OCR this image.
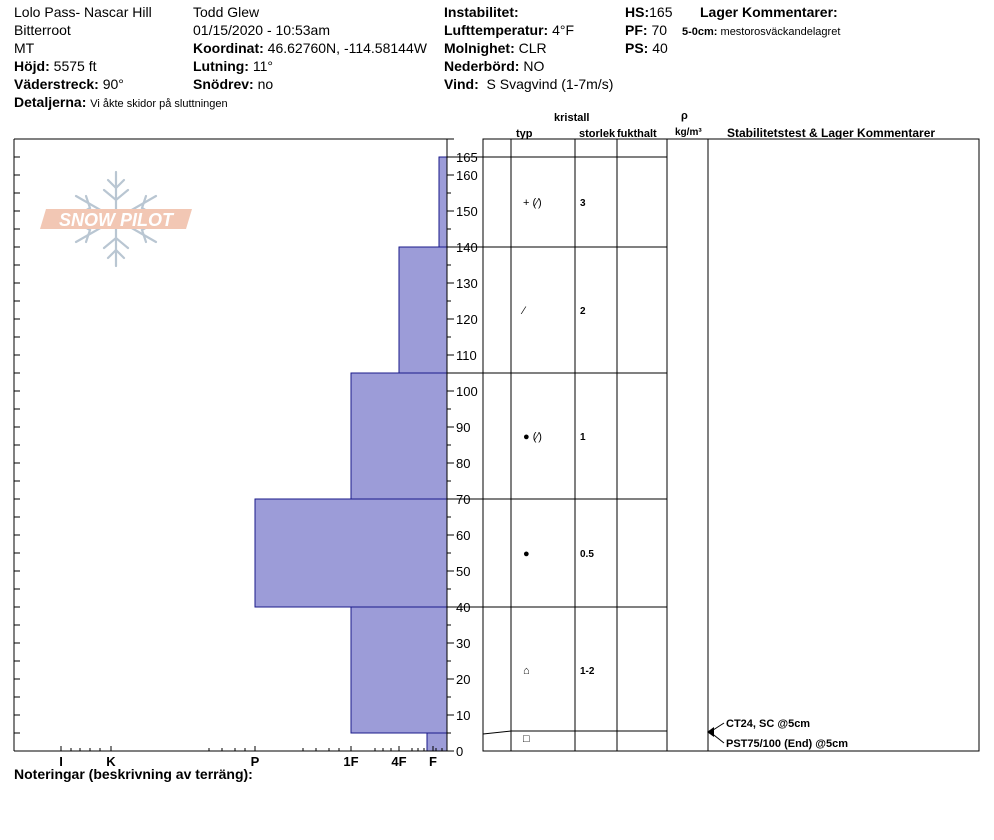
Lolo Pass- Nascar Hill
Bitterroot
MT
Höjd: 5575 ft
Väderstreck: 90°
Detaljerna: Vi åkte skidor på sluttningen
Todd Glew
01/15/2020 - 10:53am
Koordinat: 46.62760N, -114.58144W
Lutning: 11°
Snödrev: no
Instabilitet:
Lufttemperatur: 4°F
Molnighet: CLR
Nederbörd: NO
Vind: S Svagvind (1-7m/s)
HS:165
PF: 70
PS: 40
Lager Kommentarer:
5-0cm: mestorosväckandelagret
kristall
typ	storlek fukthalt
ρ
kg/m³ Stabilitetstest & Lager Kommentarer
Noteringar (beskrivning av terräng):
SNOW PILOT
0
10
20
30
40
50
60
70
80
90
100
110
120
130
140
150
160
165
I	K	P	1F	4F F
+ (⁄)	3
⁄	2
● (⁄)	1
●	0.5
⌂	1-2
□
CT24, SC @5cm
PST75/100 (End) @5cm
